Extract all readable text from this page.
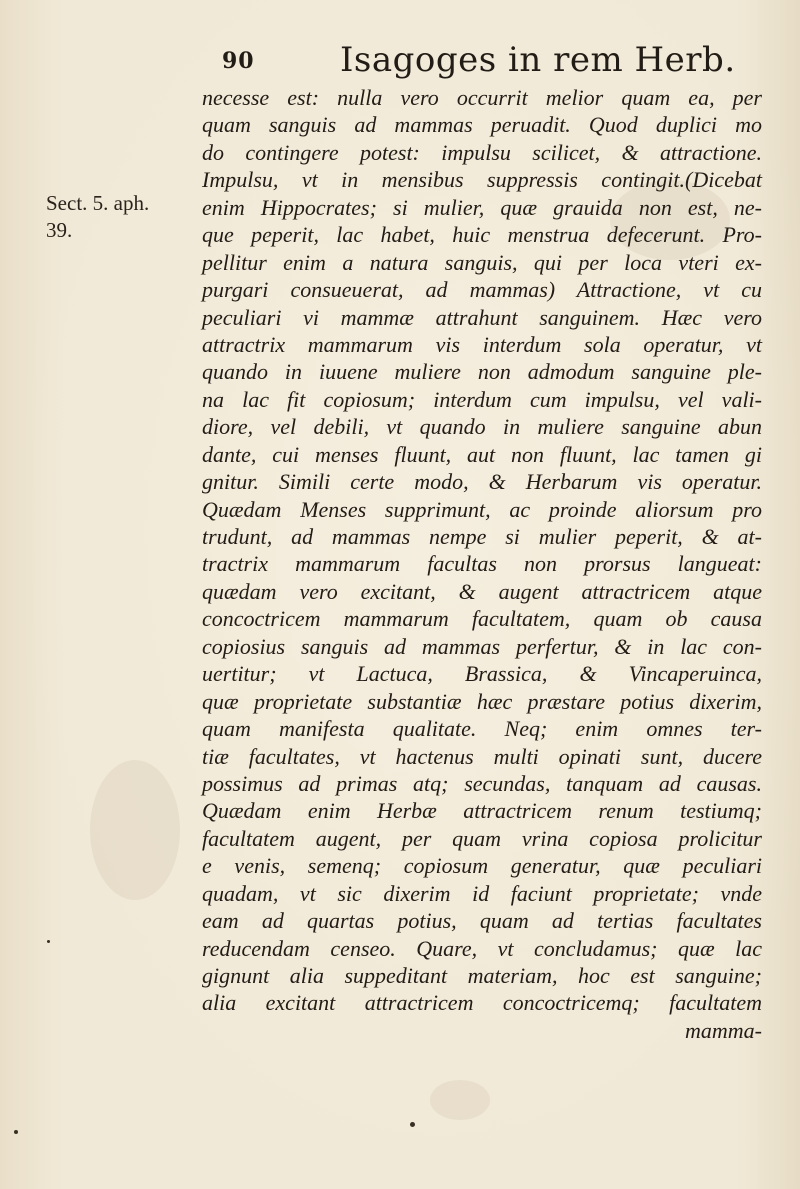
90	Isagoges in rem Herb.
Sect. 5. aph.
39.
necesse est: nulla vero occurrit melior quam ea, per
quam sanguis ad mammas peruadit. Quod duplici mo
do contingere potest: impulsu scilicet, & attractione.
Impulsu, vt in mensibus suppressis contingit.(Dicebat
enim Hippocrates; si mulier, quæ grauida non est, ne-
que peperit, lac habet, huic menstrua defecerunt. Pro-
pellitur enim a natura sanguis, qui per loca vteri ex-
purgari consueuerat, ad mammas) Attractione, vt cu
peculiari vi mammæ attrahunt sanguinem. Hæc vero
attractrix mammarum vis interdum sola operatur, vt
quando in iuuene muliere non admodum sanguine ple-
na lac fit copiosum; interdum cum impulsu, vel vali-
diore, vel debili, vt quando in muliere sanguine abun
dante, cui menses fluunt, aut non fluunt, lac tamen gi
gnitur. Simili certe modo, & Herbarum vis operatur.
Quædam Menses supprimunt, ac proinde aliorsum pro
trudunt, ad mammas nempe si mulier peperit, & at-
tractrix mammarum facultas non prorsus langueat:
quædam vero excitant, & augent attractricem atque
concoctricem mammarum facultatem, quam ob causa
copiosius sanguis ad mammas perfertur, & in lac con-
uertitur; vt Lactuca, Brassica, & Vincaperuinca,
quæ proprietate substantiæ hæc præstare potius dixerim,
quam manifesta qualitate. Neq; enim omnes ter-
tiæ facultates, vt hactenus multi opinati sunt, ducere
possimus ad primas atq; secundas, tanquam ad causas.
Quædam enim Herbæ attractricem renum testiumq;
facultatem augent, per quam vrina copiosa prolicitur
e venis, semenq; copiosum generatur, quæ peculiari
quadam, vt sic dixerim id faciunt proprietate; vnde
eam ad quartas potius, quam ad tertias facultates
reducendam censeo. Quare, vt concludamus; quæ lac
gignunt alia suppeditant materiam, hoc est sanguine;
alia excitant attractricem concoctricemq; facultatem
mamma-
